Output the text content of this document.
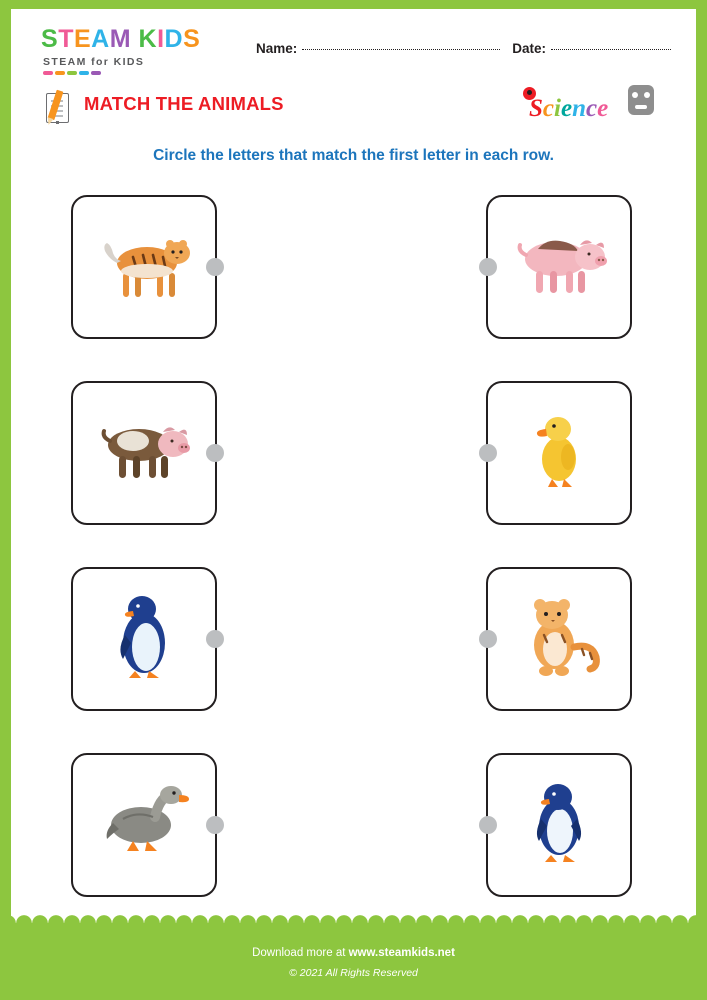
STEAM KIDS
STEAM for KIDS
Name:	Date:
MATCH THE ANIMALS	Science
Circle the letters that match the first letter in each row.
Download more at www.steamkids.net
© 2021 All Rights Reserved
